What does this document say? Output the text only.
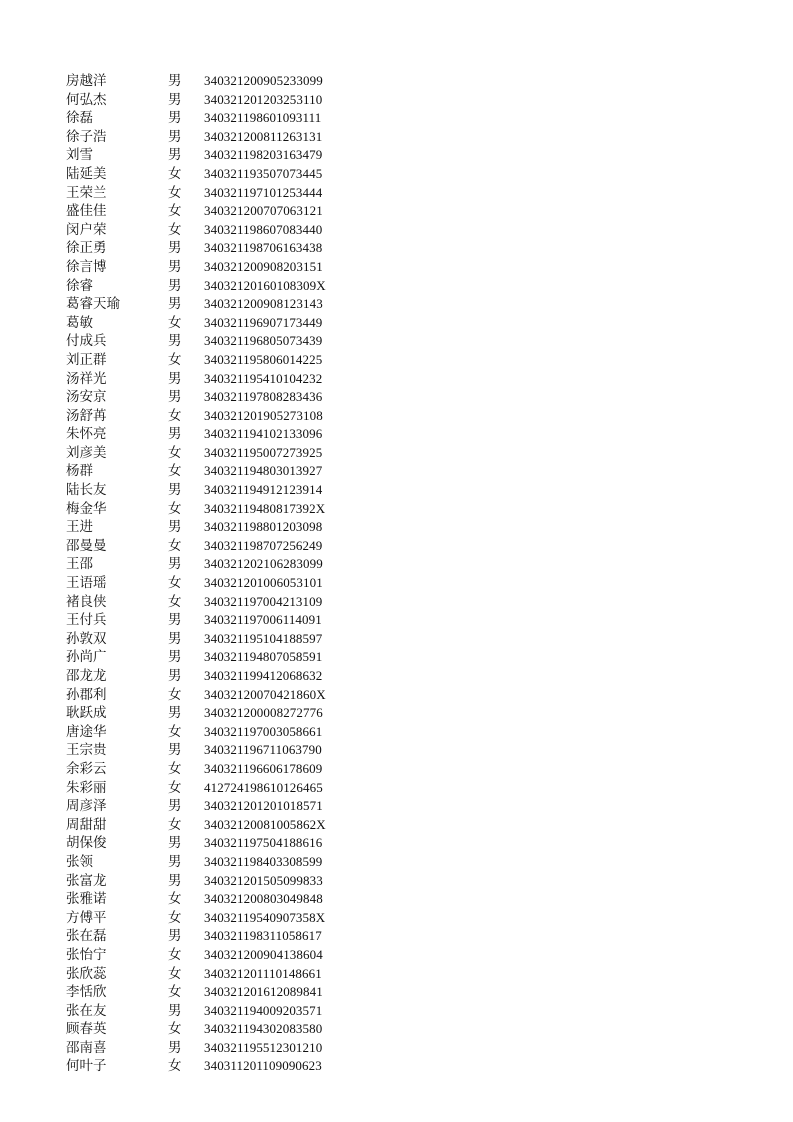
房越洋	男 340321200905233099
何弘杰	男 340321201203253110
徐磊	男 340321198601093111
徐子浩	男 340321200811263131
刘雪	男 340321198203163479
陆延美	女 340321193507073445
王荣兰	女 340321197101253444
盛佳佳	女 340321200707063121
闵户荣	女 340321198607083440
徐正勇	男 340321198706163438
徐言博	男 340321200908203151
徐睿	男 34032120160108309X
葛睿天瑜	男 340321200908123143
葛敏	女 340321196907173449
付成兵	男 340321196805073439
刘正群	女 340321195806014225
汤祥光	男 340321195410104232
汤安京	男 340321197808283436
汤舒苒	女 340321201905273108
朱怀亮	男 340321194102133096
刘彦美	女 340321195007273925
杨群	女 340321194803013927
陆长友	男 340321194912123914
梅金华	女 34032119480817392X
王进	男 340321198801203098
邵曼曼	女 340321198707256249
王邵	男 340321202106283099
王语瑶	女 340321201006053101
褚良侠	女 340321197004213109
王付兵	男 340321197006114091
孙敦双	男 340321195104188597
孙尚广	男 340321194807058591
邵龙龙	男 340321199412068632
孙郡利	女 34032120070421860X
耿跃成	男 340321200008272776
唐途华	女 340321197003058661
王宗贵	男 340321196711063790
余彩云	女 340321196606178609
朱彩丽	女 412724198610126465
周彦泽	男 340321201201018571
周甜甜	女 34032120081005862X
胡保俊	男 340321197504188616
张领	男 340321198403308599
张富龙	男 340321201505099833
张雅诺	女 340321200803049848
方傅平	女 34032119540907358X
张在磊	男 340321198311058617
张怡宁	女 340321200904138604
张欣蕊	女 340321201110148661
李恬欣	女 340321201612089841
张在友	男 340321194009203571
顾春英	女 340321194302083580
邵南喜	男 340321195512301210
何叶子	女 340311201109090623
